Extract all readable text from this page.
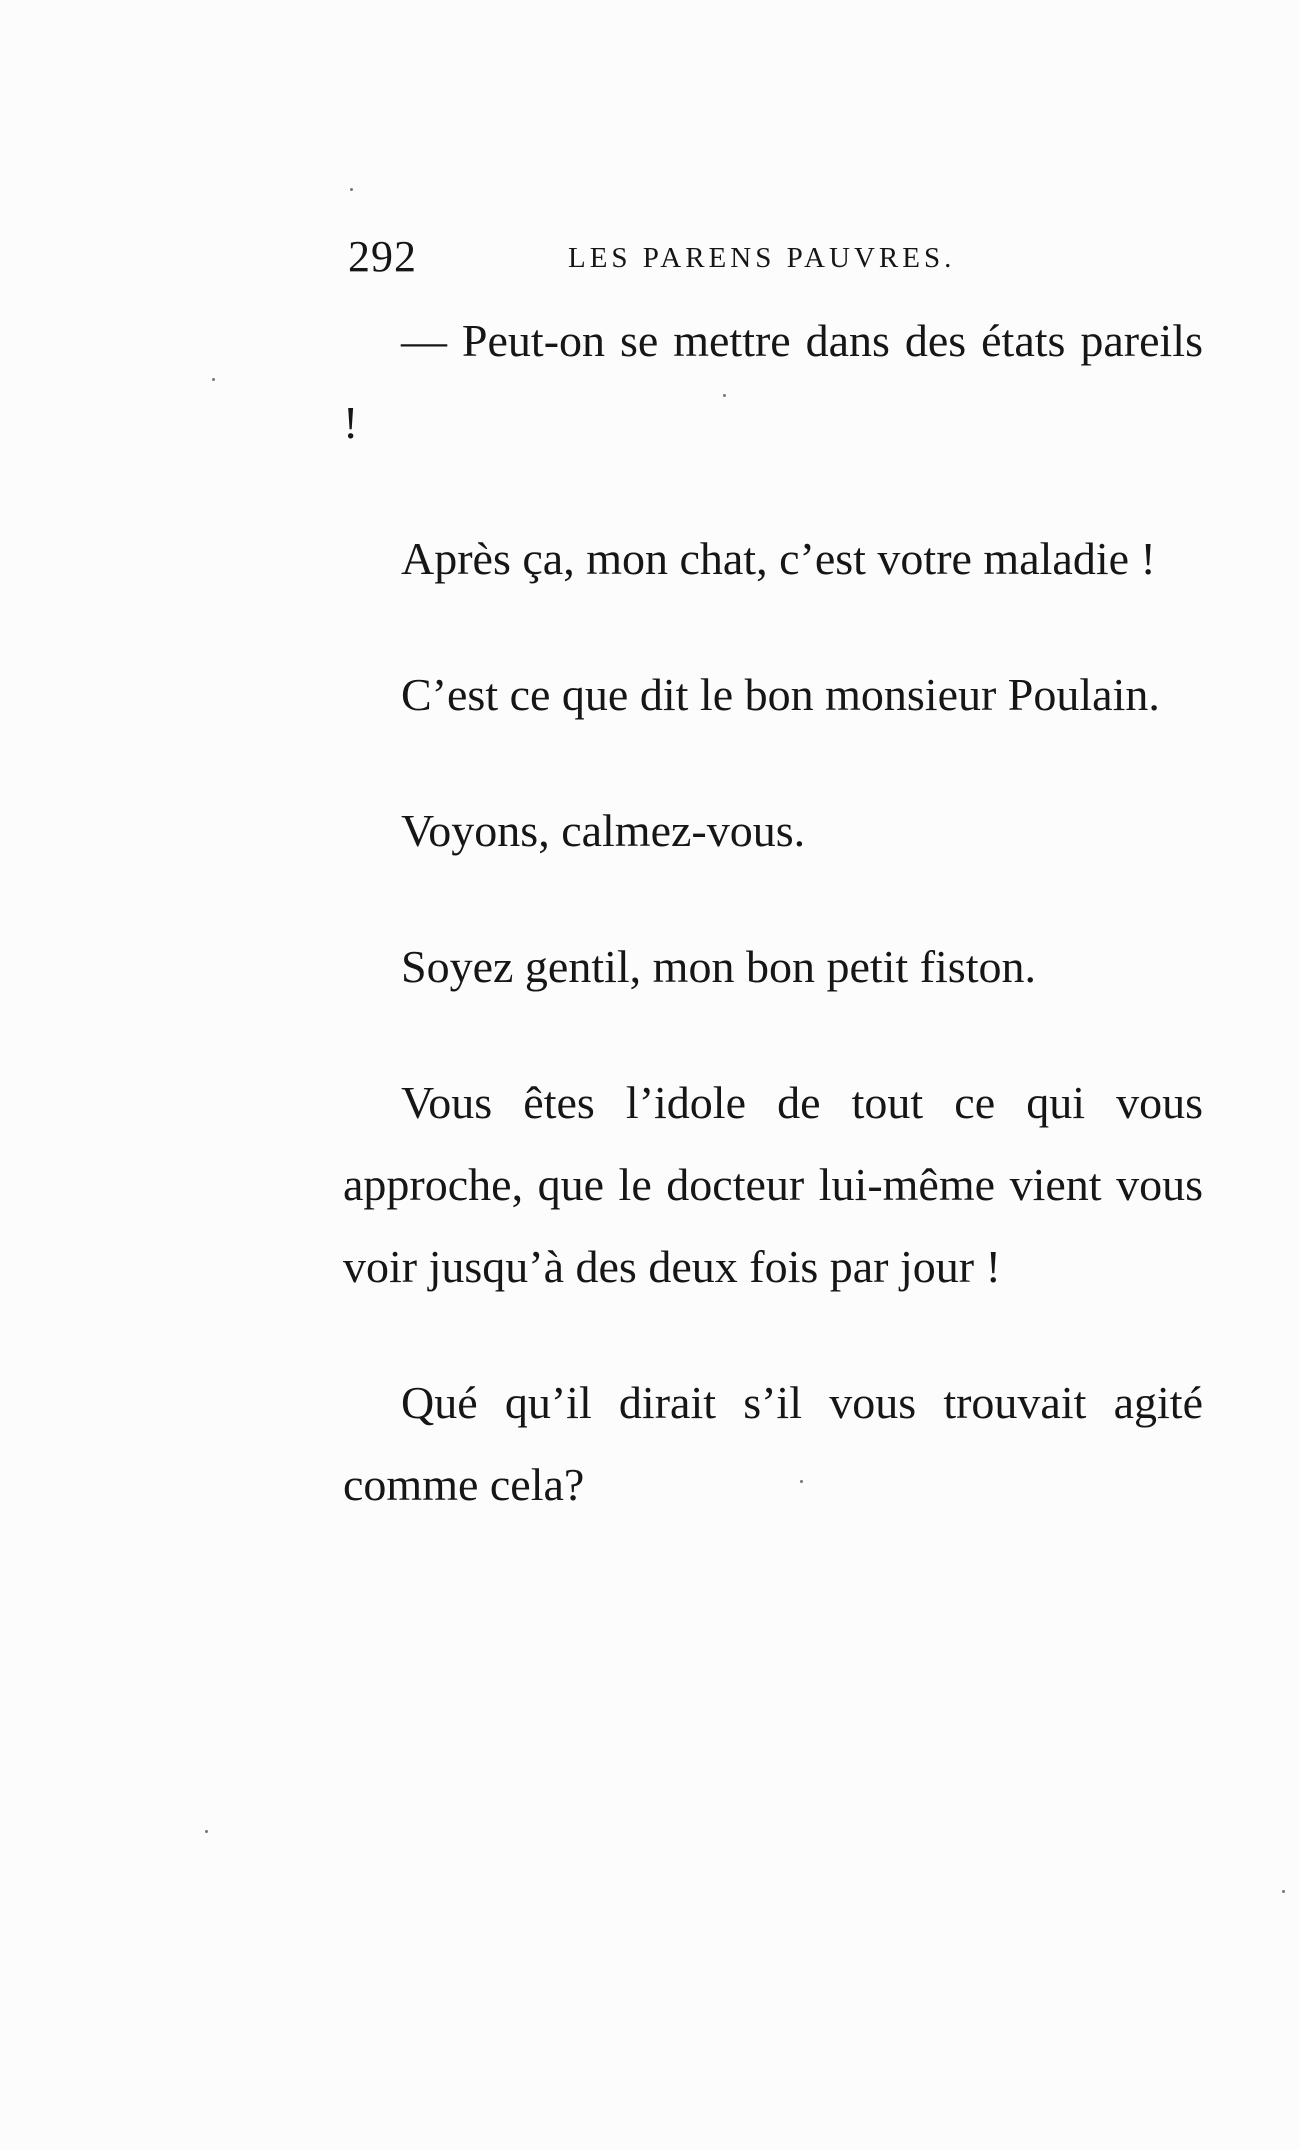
292	LES PARENS PAUVRES.

— Peut-on se mettre dans des états pareils !

Après ça, mon chat, c’est votre maladie !

C’est ce que dit le bon monsieur Poulain.

Voyons, calmez-vous.

Soyez gentil, mon bon petit fiston.

Vous êtes l’idole de tout ce qui vous approche, que le docteur lui-même vient vous voir jusqu’à des deux fois par jour !

Qué qu’il dirait s’il vous trouvait agité comme cela?
